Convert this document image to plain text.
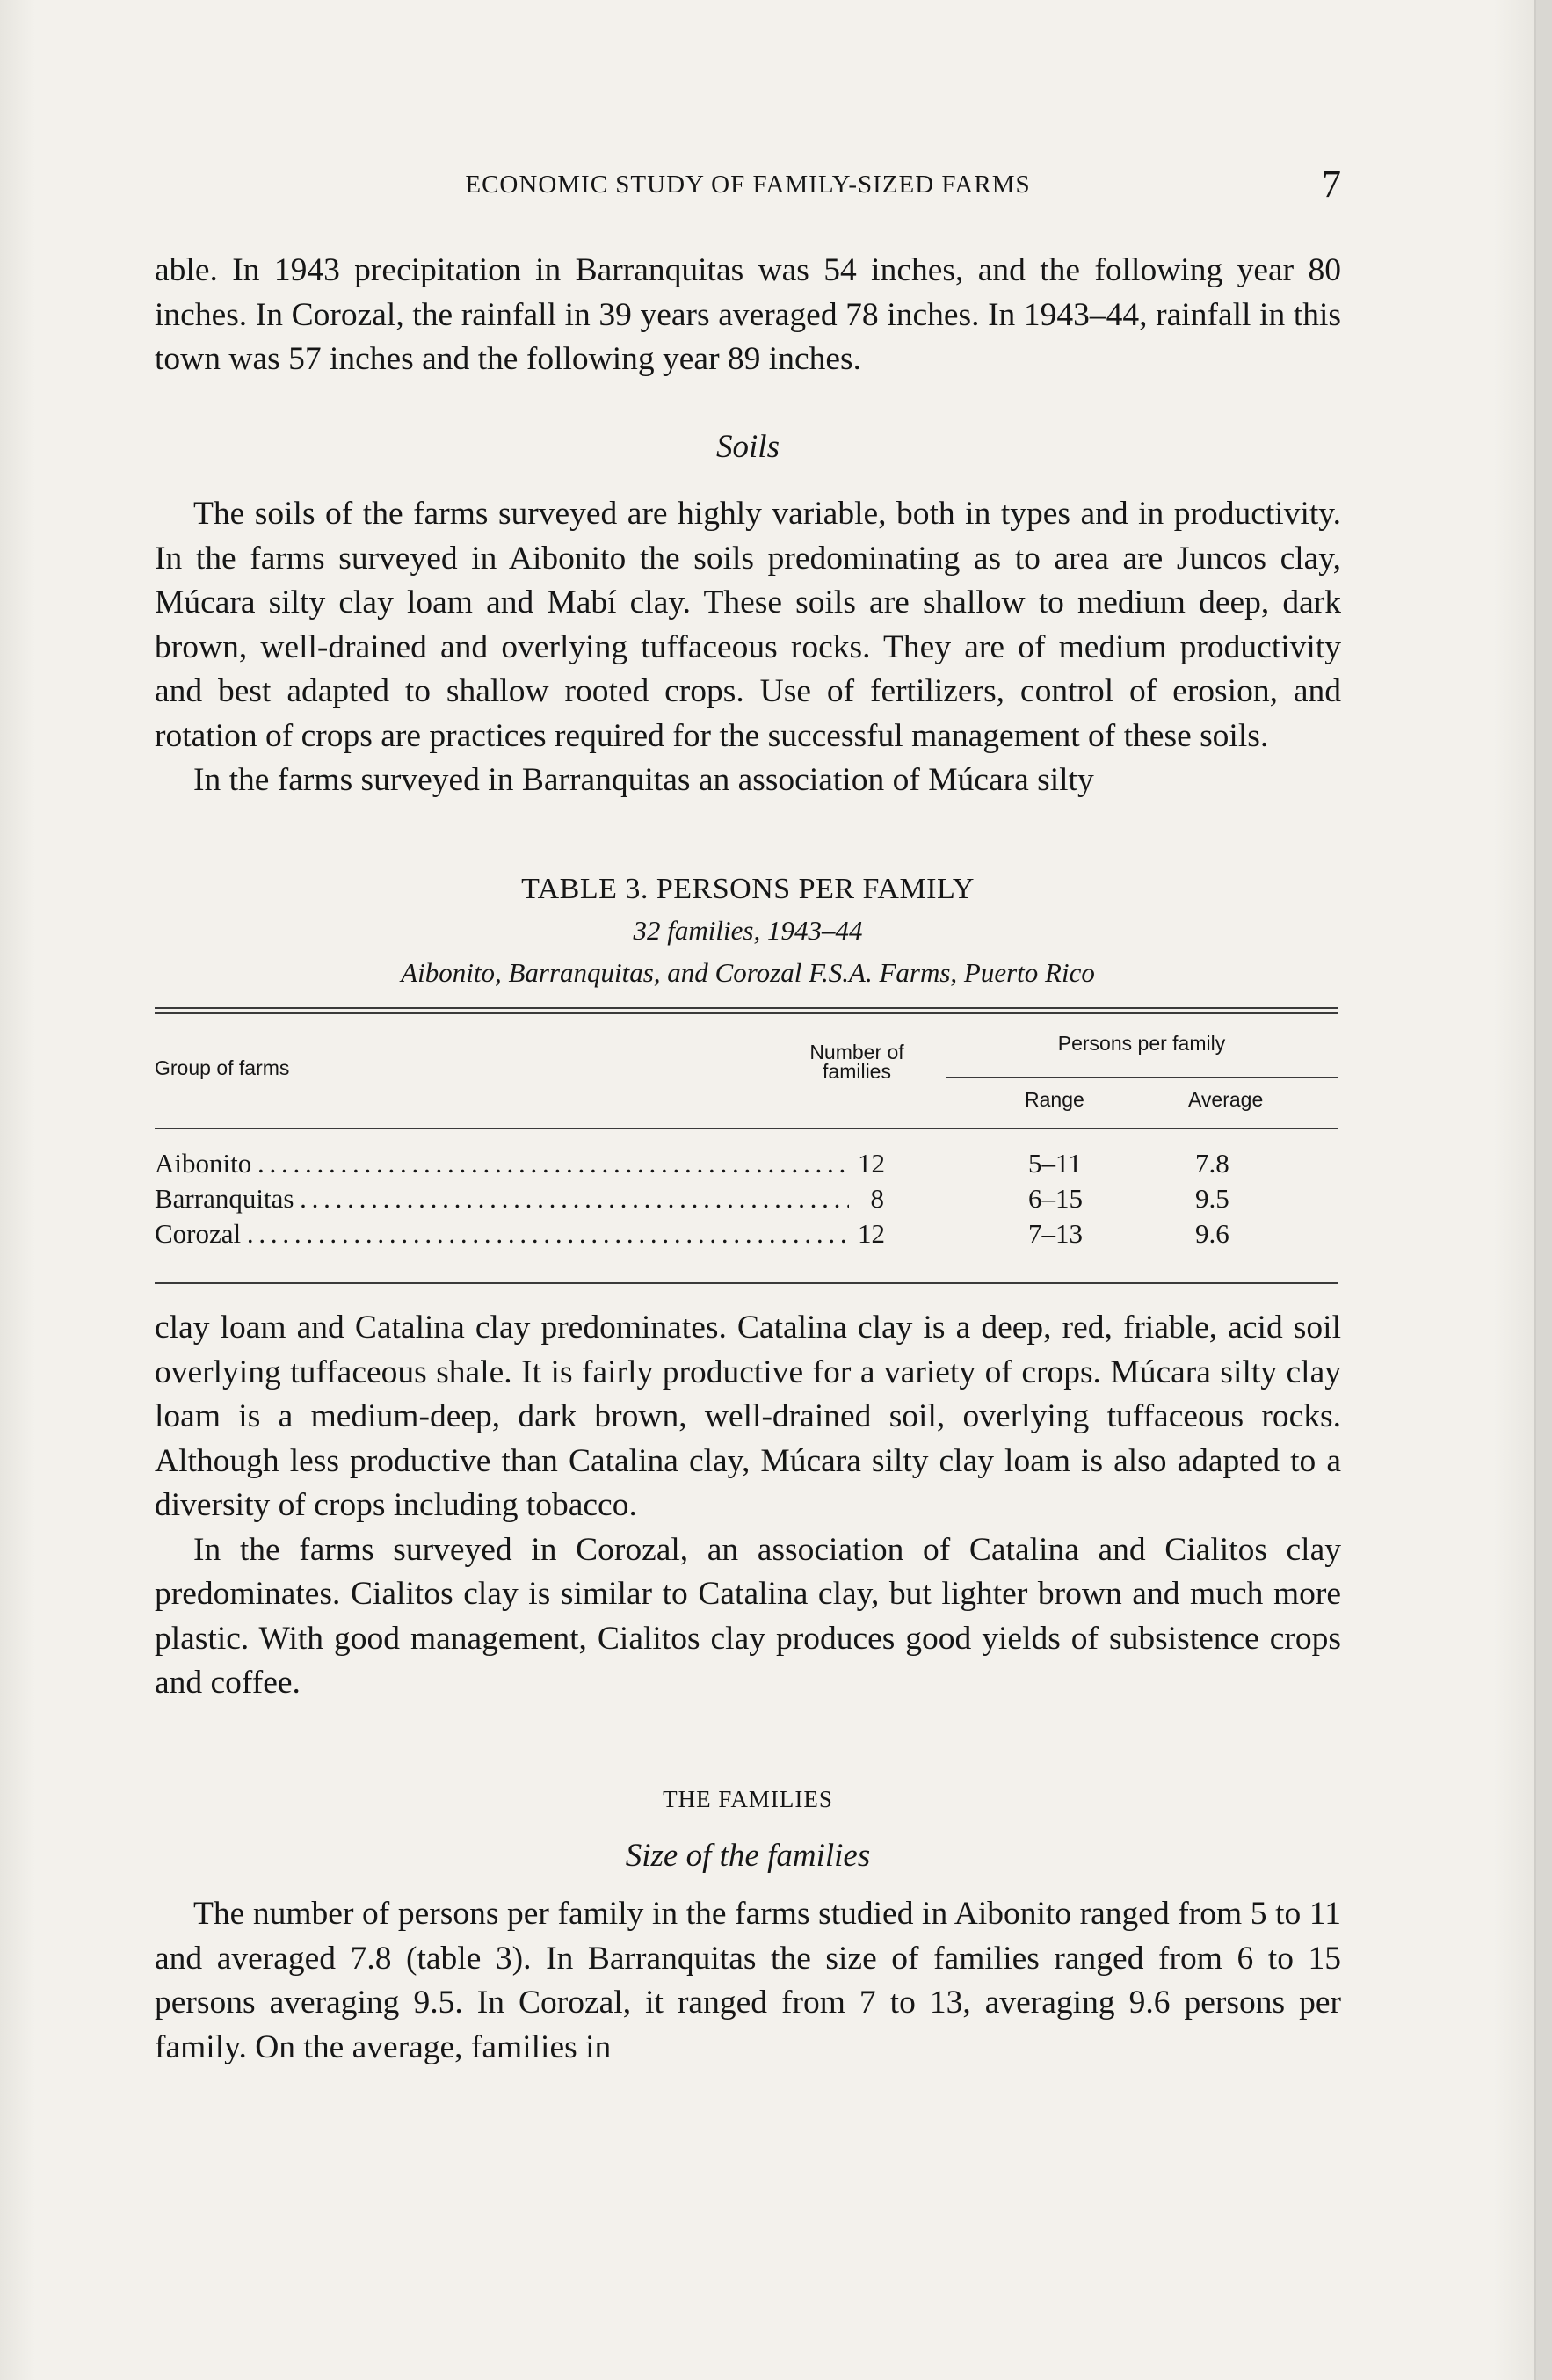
ECONOMIC STUDY OF FAMILY-SIZED FARMS	7

able. In 1943 precipitation in Barranquitas was 54 inches, and the following year 80 inches. In Corozal, the rainfall in 39 years averaged 78 inches. In 1943–44, rainfall in this town was 57 inches and the following year 89 inches.

Soils

The soils of the farms surveyed are highly variable, both in types and in productivity. In the farms surveyed in Aibonito the soils predominating as to area are Juncos clay, Múcara silty clay loam and Mabí clay. These soils are shallow to medium deep, dark brown, well-drained and overlying tuffaceous rocks. They are of medium productivity and best adapted to shallow rooted crops. Use of fertilizers, control of erosion, and rotation of crops are practices required for the successful management of these soils.

In the farms surveyed in Barranquitas an association of Múcara silty

TABLE 3. PERSONS PER FAMILY
32 families, 1943–44
Aibonito, Barranquitas, and Corozal F.S.A. Farms, Puerto Rico
Group of farms
Number of
families
Persons per family
Range	Average
Aibonito . . .	12	5–11	7.8
Barranquitas . . .	8	6–15	9.5
Corozal . . .	12	7–13	9.6

clay loam and Catalina clay predominates. Catalina clay is a deep, red, friable, acid soil overlying tuffaceous shale. It is fairly productive for a variety of crops. Múcara silty clay loam is a medium-deep, dark brown, well-drained soil, overlying tuffaceous rocks. Although less productive than Catalina clay, Múcara silty clay loam is also adapted to a diversity of crops including tobacco.

In the farms surveyed in Corozal, an association of Catalina and Cialitos clay predominates. Cialitos clay is similar to Catalina clay, but lighter brown and much more plastic. With good management, Cialitos clay produces good yields of subsistence crops and coffee.

THE FAMILIES
Size of the families

The number of persons per family in the farms studied in Aibonito ranged from 5 to 11 and averaged 7.8 (table 3). In Barranquitas the size of families ranged from 6 to 15 persons averaging 9.5. In Corozal, it ranged from 7 to 13, averaging 9.6 persons per family. On the average, families in
